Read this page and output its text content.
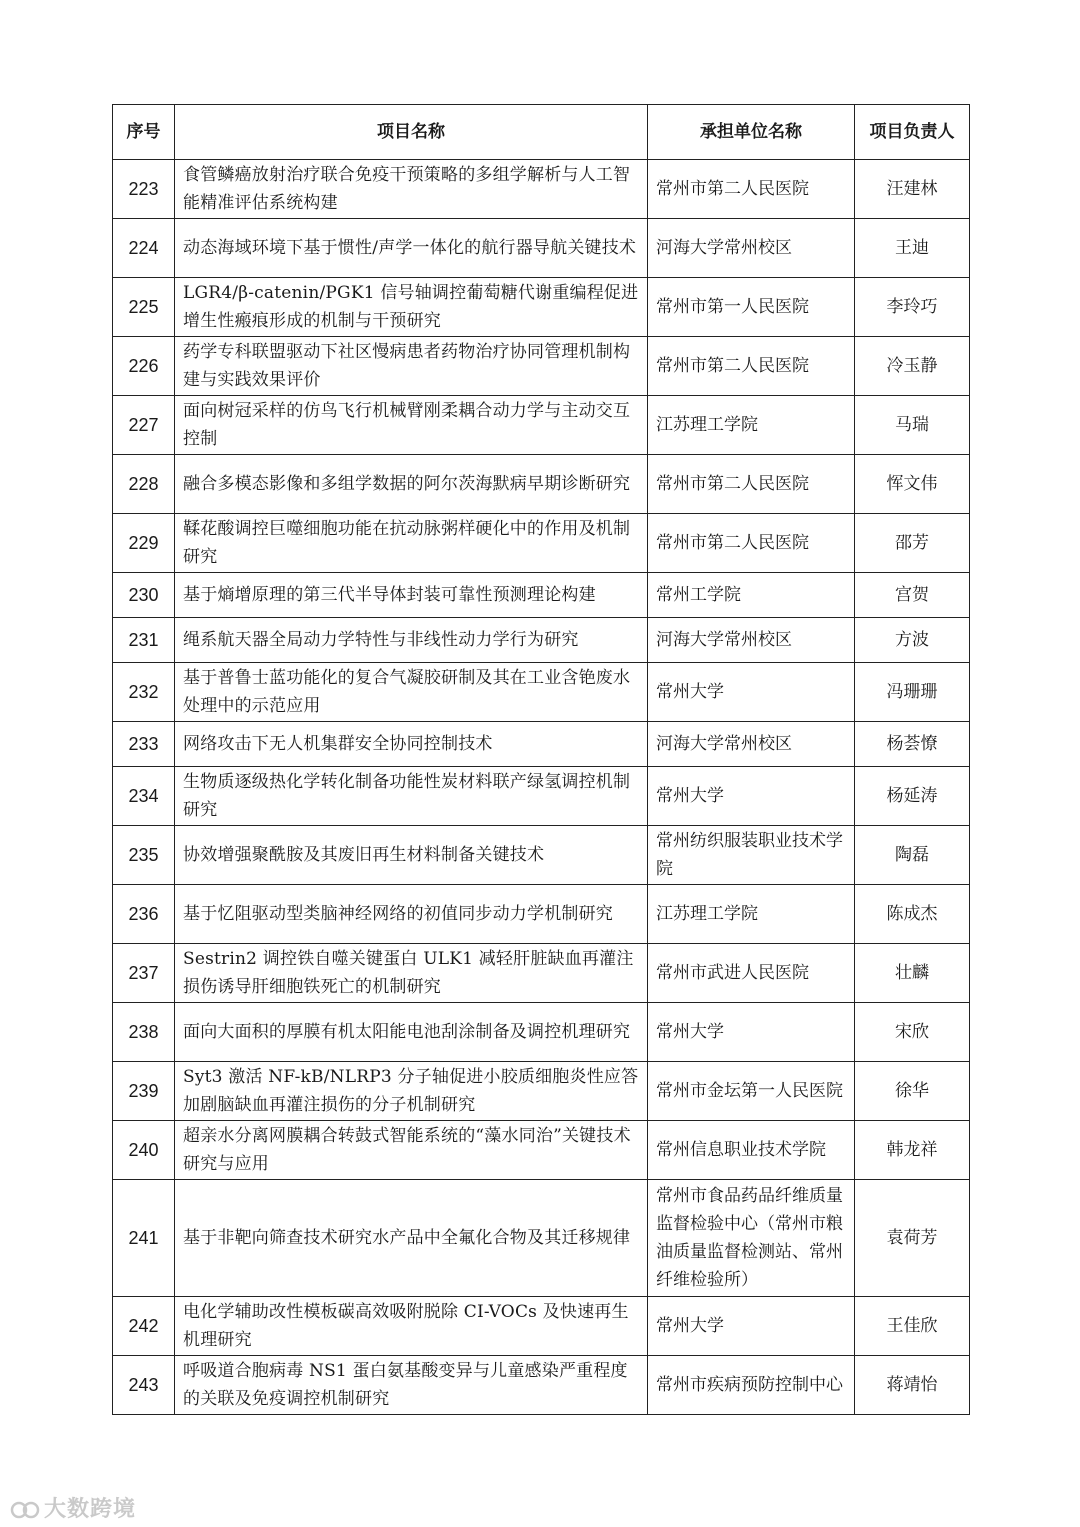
序号	项目名称	承担单位名称	项目负责人
223	食管鳞癌放射治疗联合免疫干预策略的多组学解析与人工智能精准评估系统构建	常州市第二人民医院	汪建林
224	动态海域环境下基于惯性/声学一体化的航行器导航关键技术	河海大学常州校区	王迪
225	LGR4/β-catenin/PGK1 信号轴调控葡萄糖代谢重编程促进增生性瘢痕形成的机制与干预研究	常州市第一人民医院	李玲巧
226	药学专科联盟驱动下社区慢病患者药物治疗协同管理机制构建与实践效果评价	常州市第二人民医院	冷玉静
227	面向树冠采样的仿鸟飞行机械臂刚柔耦合动力学与主动交互控制	江苏理工学院	马瑞
228	融合多模态影像和多组学数据的阿尔茨海默病早期诊断研究	常州市第二人民医院	恽文伟
229	鞣花酸调控巨噬细胞功能在抗动脉粥样硬化中的作用及机制研究	常州市第二人民医院	邵芳
230	基于熵增原理的第三代半导体封装可靠性预测理论构建	常州工学院	宫贺
231	绳系航天器全局动力学特性与非线性动力学行为研究	河海大学常州校区	方波
232	基于普鲁士蓝功能化的复合气凝胶研制及其在工业含铯废水处理中的示范应用	常州大学	冯珊珊
233	网络攻击下无人机集群安全协同控制技术	河海大学常州校区	杨荟憭
234	生物质逐级热化学转化制备功能性炭材料联产绿氢调控机制研究	常州大学	杨延涛
235	协效增强聚酰胺及其废旧再生材料制备关键技术	常州纺织服装职业技术学院	陶磊
236	基于忆阻驱动型类脑神经网络的初值同步动力学机制研究	江苏理工学院	陈成杰
237	Sestrin2 调控铁自噬关键蛋白 ULK1 减轻肝脏缺血再灌注损伤诱导肝细胞铁死亡的机制研究	常州市武进人民医院	壮麟
238	面向大面积的厚膜有机太阳能电池刮涂制备及调控机理研究	常州大学	宋欣
239	Syt3 激活 NF-kB/NLRP3 分子轴促进小胶质细胞炎性应答加剧脑缺血再灌注损伤的分子机制研究	常州市金坛第一人民医院	徐华
240	超亲水分离网膜耦合转鼓式智能系统的“藻水同治”关键技术研究与应用	常州信息职业技术学院	韩龙祥
241	基于非靶向筛查技术研究水产品中全氟化合物及其迁移规律	常州市食品药品纤维质量监督检验中心（常州市粮油质量监督检测站、常州纤维检验所）	袁荷芳
242	电化学辅助改性模板碳高效吸附脱除 CI-VOCs 及快速再生机理研究	常州大学	王佳欣
243	呼吸道合胞病毒 NS1 蛋白氨基酸变异与儿童感染严重程度的关联及免疫调控机制研究	常州市疾病预防控制中心	蒋靖怡
大数跨境
